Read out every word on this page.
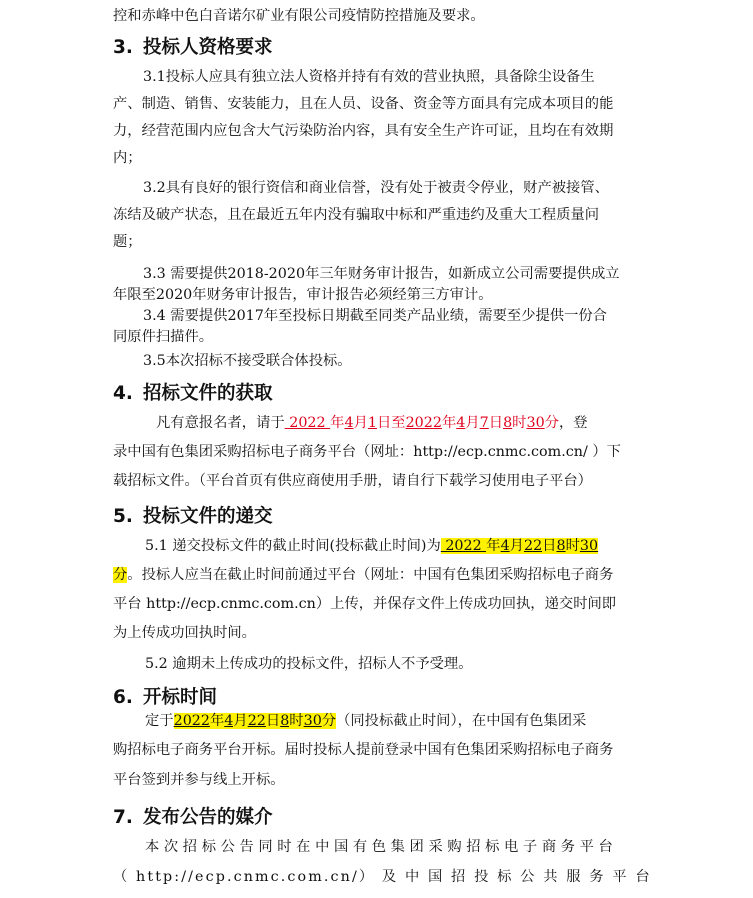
控和赤峰中色白音诺尔矿业有限公司疫情防控措施及要求。
3. 投标人资格要求
3.1投标人应具有独立法人资格并持有有效的营业执照，具备除尘设备生
产、制造、销售、安装能力，且在人员、设备、资金等方面具有完成本项目的能
力，经营范围内应包含大气污染防治内容，具有安全生产许可证，且均在有效期
内；
3.2具有良好的银行资信和商业信誉，没有处于被责令停业，财产被接管、
冻结及破产状态，且在最近五年内没有骗取中标和严重违约及重大工程质量问
题；
3.3 需要提供2018-2020年三年财务审计报告，如新成立公司需要提供成立
年限至2020年财务审计报告，审计报告必须经第三方审计。
3.4 需要提供2017年至投标日期截至同类产品业绩，需要至少提供一份合
同原件扫描件。
3.5本次招标不接受联合体投标。
4. 招标文件的获取
凡有意报名者，请于 2022 年4月1日至2022年4月7日8时30分，登
录中国有色集团采购招标电子商务平台（网址：http://ecp.cnmc.com.cn/ ）下
载招标文件。（平台首页有供应商使用手册，请自行下载学习使用电子平台）
5. 投标文件的递交
5.1 递交投标文件的截止时间(投标截止时间)为 2022 年4月22日8时30
分。投标人应当在截止时间前通过平台（网址：中国有色集团采购招标电子商务
平台 http://ecp.cnmc.com.cn）上传，并保存文件上传成功回执，递交时间即
为上传成功回执时间。
5.2 逾期未上传成功的投标文件，招标人不予受理。
6. 开标时间
定于2022年4月22日8时30分（同投标截止时间），在中国有色集团采
购招标电子商务平台开标。届时投标人提前登录中国有色集团采购招标电子商务
平台签到并参与线上开标。
7. 发布公告的媒介
本次招标公告同时在中国有色集团采购招标电子商务平台
（ http://ecp.cnmc.com.cn/） 及 中 国 招 投 标 公 共 服 务 平 台
